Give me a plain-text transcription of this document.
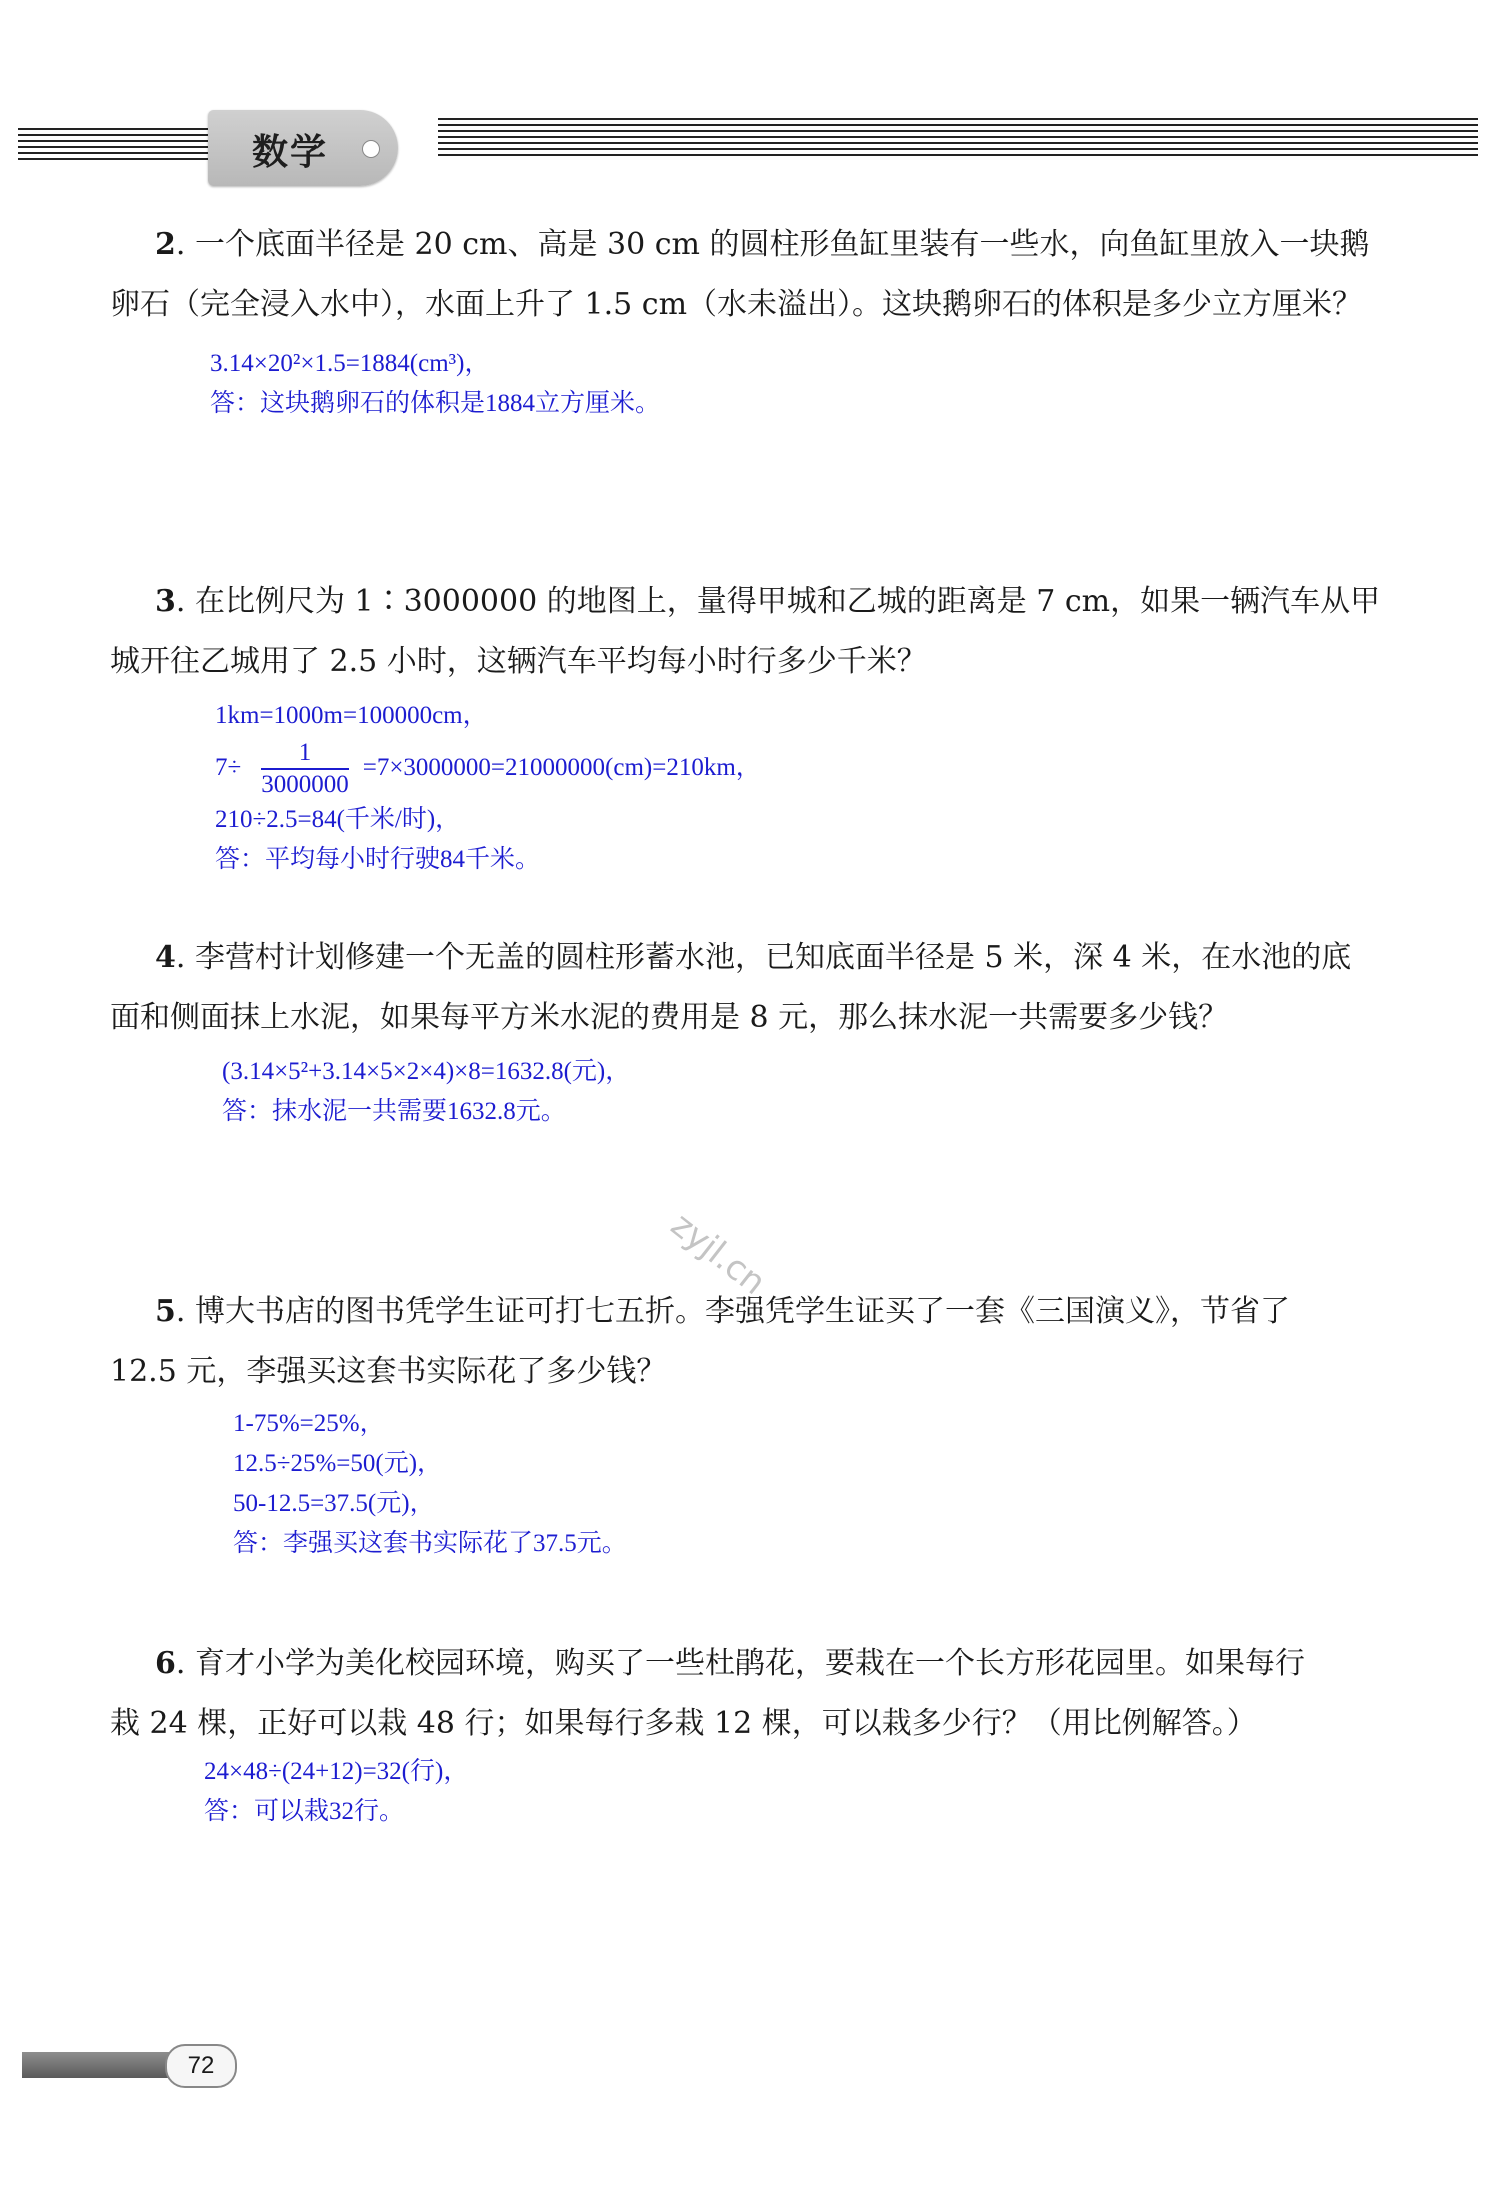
数学
2. 一个底面半径是 20 cm、高是 30 cm 的圆柱形鱼缸里装有一些水，向鱼缸里放入一块鹅
卵石（完全浸入水中），水面上升了 1.5 cm（水未溢出）。这块鹅卵石的体积是多少立方厘米？
3.14×20²×1.5=1884(cm³)，
答：这块鹅卵石的体积是1884立方厘米。
3. 在比例尺为 1∶3000000 的地图上，量得甲城和乙城的距离是 7 cm，如果一辆汽车从甲
城开往乙城用了 2.5 小时，这辆汽车平均每小时行多少千米？
1km=1000m=100000cm，
$7\div \frac{1}{3000000} =7\times 3000000=21000000(cm)=210km$，
210÷2.5=84(千米/时)，
答：平均每小时行驶84千米。
4. 李营村计划修建一个无盖的圆柱形蓄水池，已知底面半径是 5 米，深 4 米，在水池的底
面和侧面抹上水泥，如果每平方米水泥的费用是 8 元，那么抹水泥一共需要多少钱？
(3.14×5²+3.14×5×2×4)×8=1632.8(元)，
答：抹水泥一共需要1632.8元。
zyjl.cn
5. 博大书店的图书凭学生证可打七五折。李强凭学生证买了一套《三国演义》，节省了
12.5 元，李强买这套书实际花了多少钱？
1-75%=25%，
12.5÷25%=50(元)，
50-12.5=37.5(元)，
答：李强买这套书实际花了37.5元。
6. 育才小学为美化校园环境，购买了一些杜鹃花，要栽在一个长方形花园里。如果每行
栽 24 棵，正好可以栽 48 行；如果每行多栽 12 棵，可以栽多少行？（用比例解答。）
24×48÷(24+12)=32(行)，
答：可以栽32行。
72
